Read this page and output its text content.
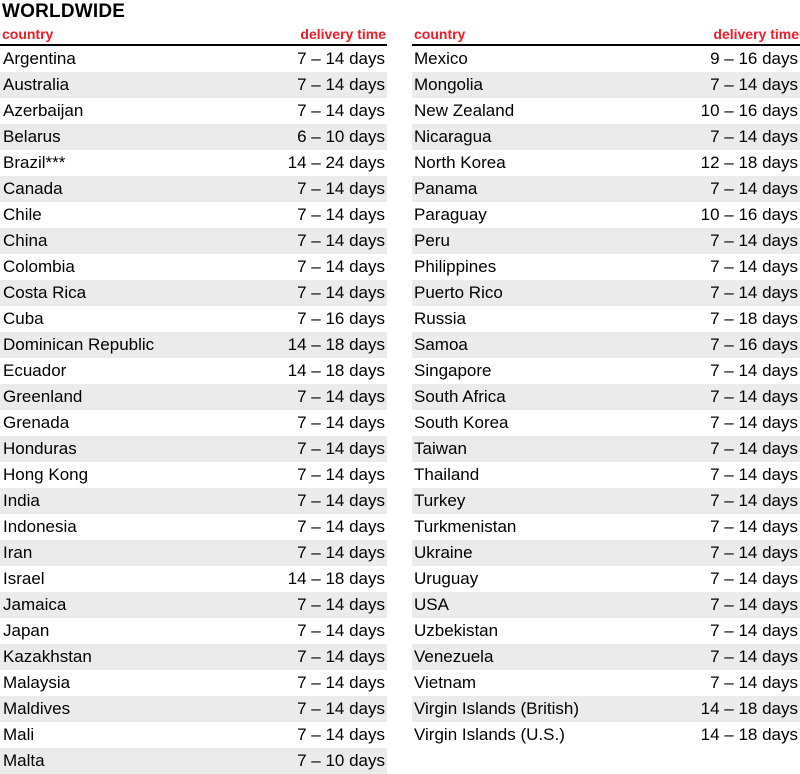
WORLDWIDE
country	delivery time
Argentina	7 – 14 days
Australia	7 – 14 days
Azerbaijan	7 – 14 days
Belarus	6 – 10 days
Brazil***	14 – 24 days
Canada	7 – 14 days
Chile	7 – 14 days
China	7 – 14 days
Colombia	7 – 14 days
Costa Rica	7 – 14 days
Cuba	7 – 16 days
Dominican Republic	14 – 18 days
Ecuador	14 – 18 days
Greenland	7 – 14 days
Grenada	7 – 14 days
Honduras	7 – 14 days
Hong Kong	7 – 14 days
India	7 – 14 days
Indonesia	7 – 14 days
Iran	7 – 14 days
Israel	14 – 18 days
Jamaica	7 – 14 days
Japan	7 – 14 days
Kazakhstan	7 – 14 days
Malaysia	7 – 14 days
Maldives	7 – 14 days
Mali	7 – 14 days
Malta	7 – 10 days
country	delivery time
Mexico	9 – 16 days
Mongolia	7 – 14 days
New Zealand	10 – 16 days
Nicaragua	7 – 14 days
North Korea	12 – 18 days
Panama	7 – 14 days
Paraguay	10 – 16 days
Peru	7 – 14 days
Philippines	7 – 14 days
Puerto Rico	7 – 14 days
Russia	7 – 18 days
Samoa	7 – 16 days
Singapore	7 – 14 days
South Africa	7 – 14 days
South Korea	7 – 14 days
Taiwan	7 – 14 days
Thailand	7 – 14 days
Turkey	7 – 14 days
Turkmenistan	7 – 14 days
Ukraine	7 – 14 days
Uruguay	7 – 14 days
USA	7 – 14 days
Uzbekistan	7 – 14 days
Venezuela	7 – 14 days
Vietnam	7 – 14 days
Virgin Islands (British)	14 – 18 days
Virgin Islands (U.S.)	14 – 18 days
